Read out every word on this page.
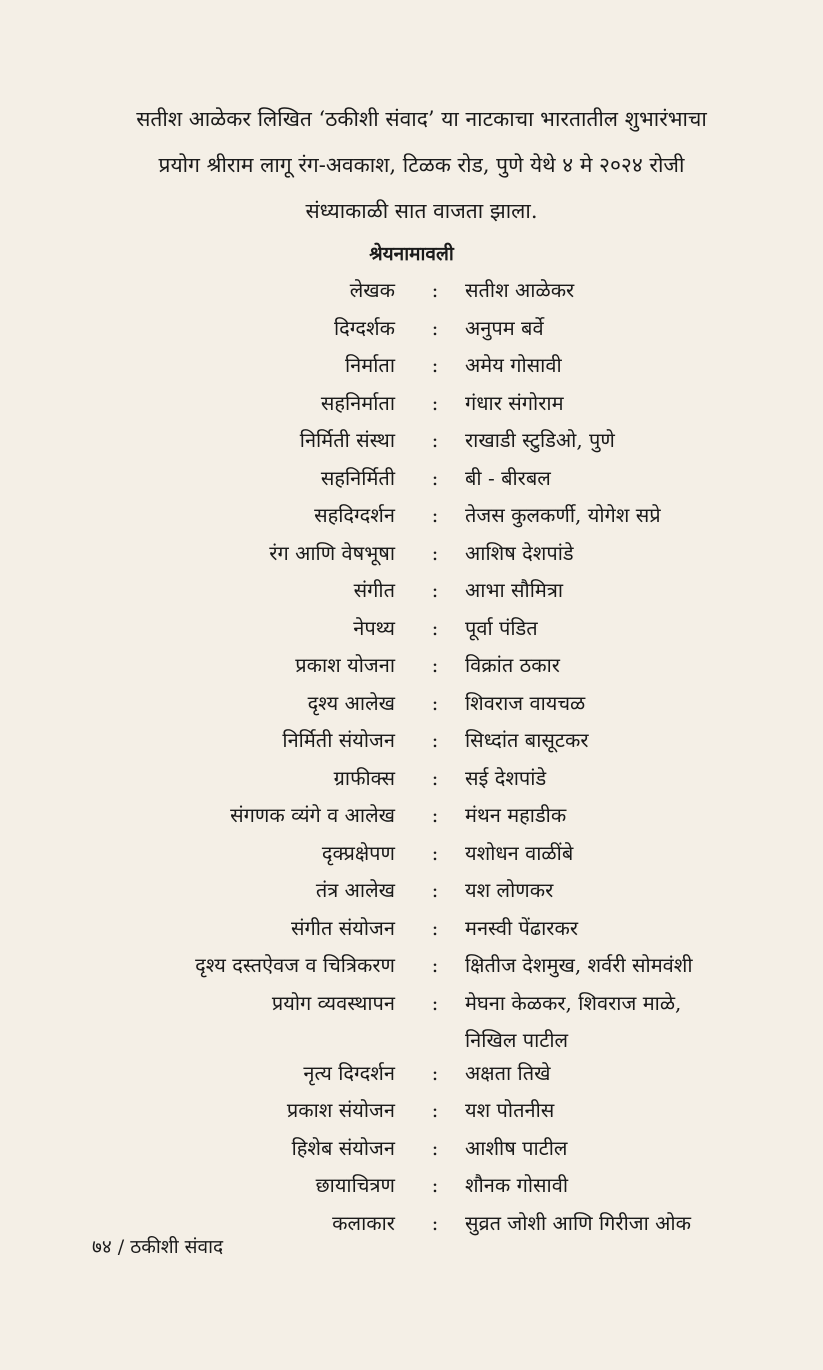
सतीश आळेकर लिखित ‘ठकीशी संवाद’ या नाटकाचा भारतातील शुभारंभाचा

प्रयोग श्रीराम लागू रंग-अवकाश, टिळक रोड, पुणे येथे ४ मे २०२४ रोजी

संध्याकाळी सात वाजता झाला.

श्रेयनामावली
लेखक : सतीश आळेकर
दिग्दर्शक : अनुपम बर्वे
निर्माता : अमेय गोसावी
सहनिर्माता : गंधार संगोराम
निर्मिती संस्था : राखाडी स्टुडिओ, पुणे
सहनिर्मिती : बी - बीरबल
सहदिग्दर्शन : तेजस कुलकर्णी, योगेश सप्रे
रंग आणि वेषभूषा : आशिष देशपांडे
संगीत : आभा सौमित्रा
नेपथ्य : पूर्वा पंडित
प्रकाश योजना : विक्रांत ठकार
दृश्य आलेख : शिवराज वायचळ
निर्मिती संयोजन : सिध्दांत बासूटकर
ग्राफीक्स : सई देशपांडे
संगणक व्यंगे व आलेख : मंथन महाडीक
दृक्प्रक्षेपण : यशोधन वाळींबे
तंत्र आलेख : यश लोणकर
संगीत संयोजन : मनस्वी पेंढारकर
दृश्य दस्तऐवज व चित्रिकरण : क्षितीज देशमुख, शर्वरी सोमवंशी
प्रयोग व्यवस्थापन : मेघना केळकर, शिवराज माळे,
निखिल पाटील
नृत्य दिग्दर्शन : अक्षता तिखे
प्रकाश संयोजन : यश पोतनीस
हिशेब संयोजन : आशीष पाटील
छायाचित्रण : शौनक गोसावी
कलाकार : सुव्रत जोशी आणि गिरीजा ओक
७४ / ठकीशी संवाद
